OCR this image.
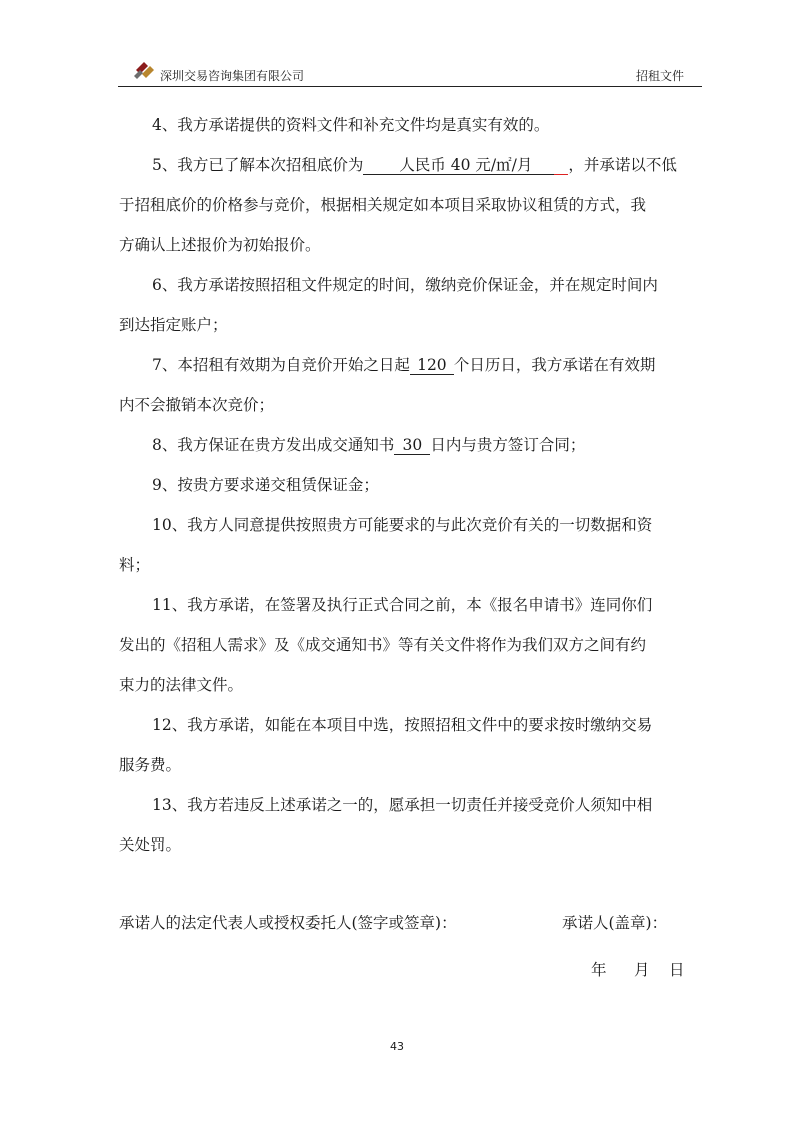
深圳交易咨询集团有限公司	招租文件
4、我方承诺提供的资料文件和补充文件均是真实有效的。
5、我方已了解本次招租底价为 人民币 40 元/㎡/月 ，并承诺以不低
于招租底价的价格参与竞价，根据相关规定如本项目采取协议租赁的方式，我
方确认上述报价为初始报价。
6、我方承诺按照招租文件规定的时间，缴纳竞价保证金，并在规定时间内
到达指定账户；
7、本招租有效期为自竞价开始之日起 120 个日历日，我方承诺在有效期
内不会撤销本次竞价；
8、我方保证在贵方发出成交通知书 30 日内与贵方签订合同；
9、按贵方要求递交租赁保证金；
10、我方人同意提供按照贵方可能要求的与此次竞价有关的一切数据和资
料；
11、我方承诺，在签署及执行正式合同之前，本《报名申请书》连同你们
发出的《招租人需求》及《成交通知书》等有关文件将作为我们双方之间有约
束力的法律文件。
12、我方承诺，如能在本项目中选，按照招租文件中的要求按时缴纳交易
服务费。
13、我方若违反上述承诺之一的，愿承担一切责任并接受竞价人须知中相
关处罚。
承诺人的法定代表人或授权委托人(签字或签章)：	承诺人(盖章)：
年 月 日
43
